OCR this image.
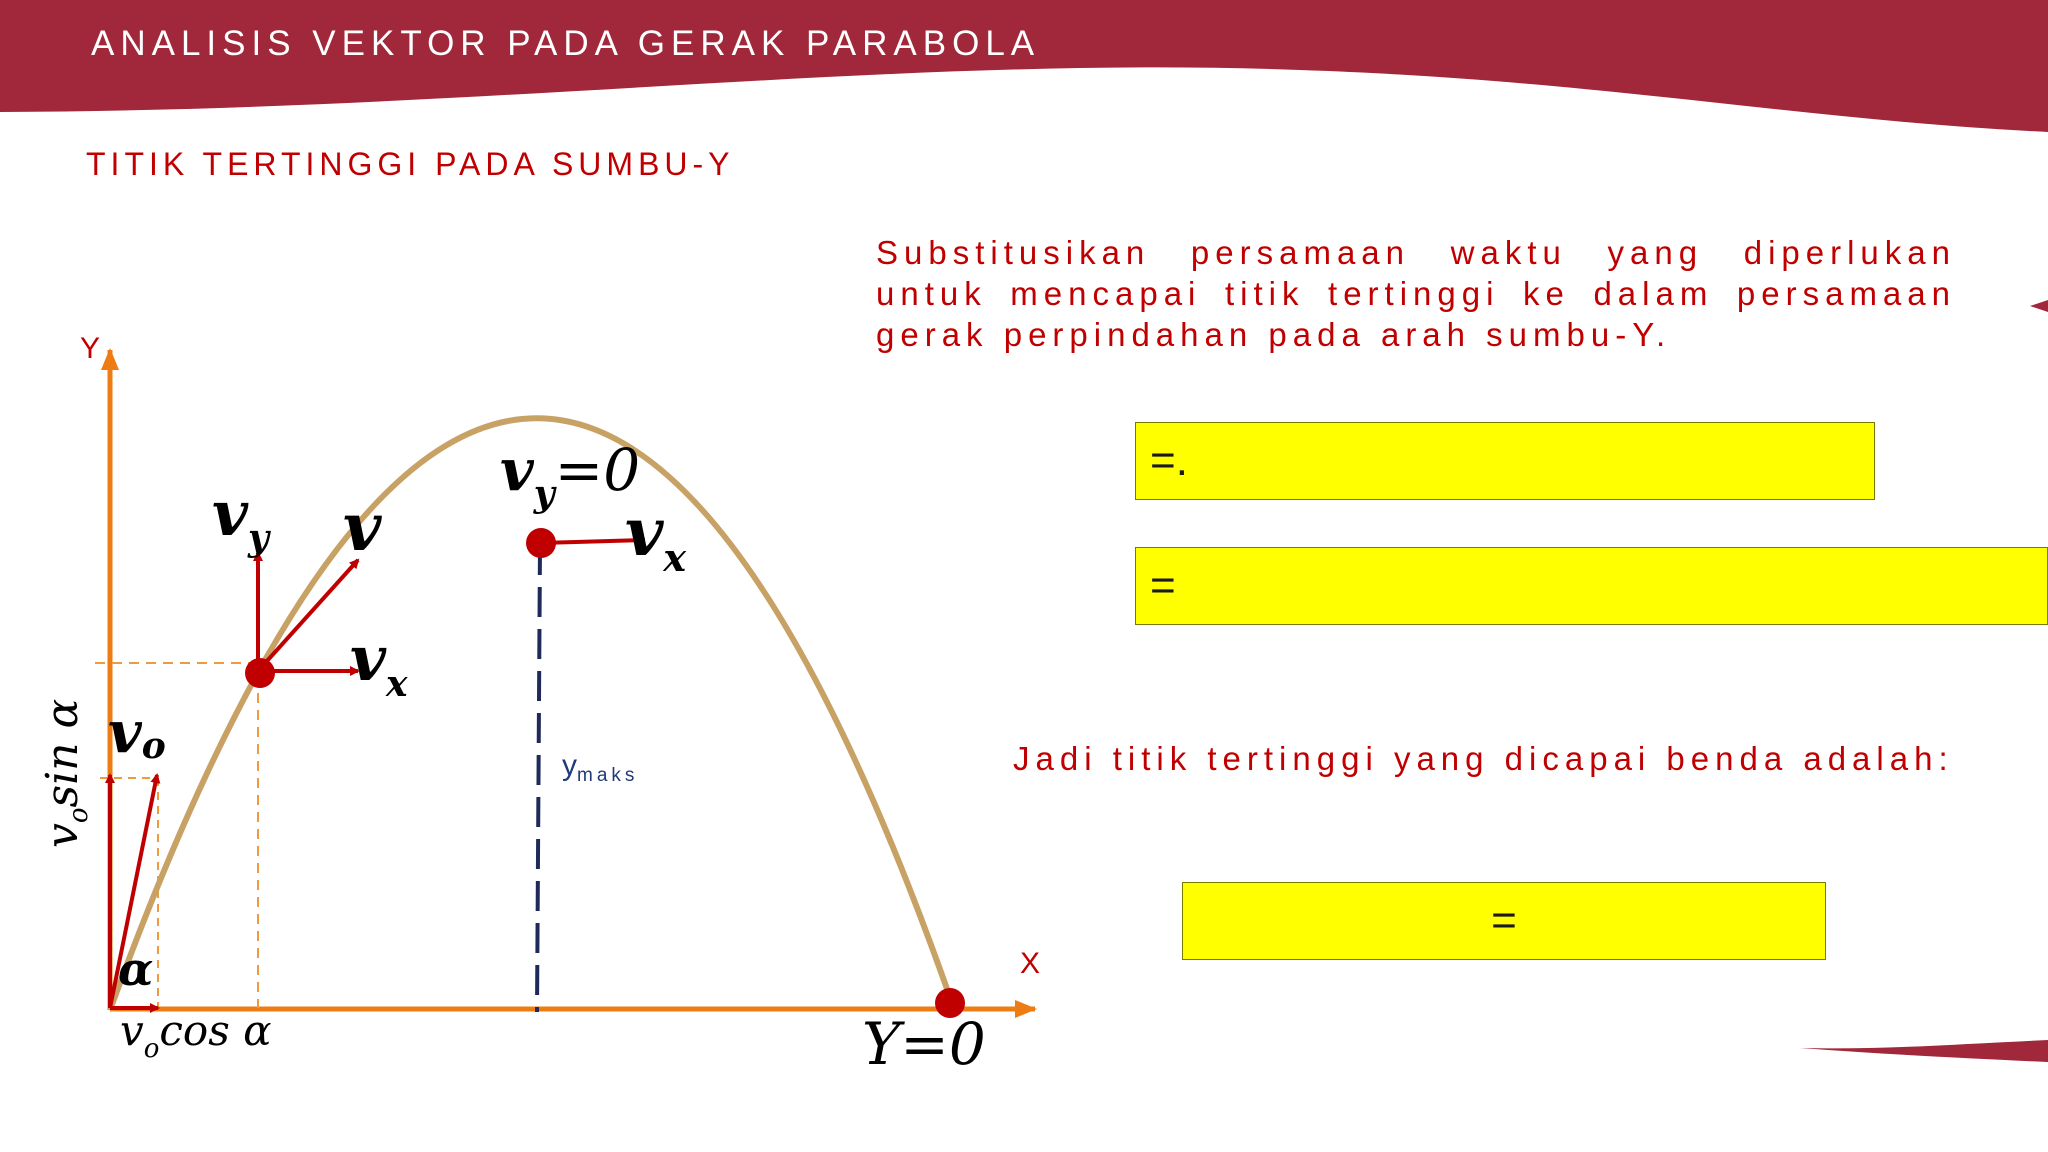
ANALISIS VEKTOR PADA GERAK PARABOLA
TITIK TERTINGGI PADA SUMBU-Y
Substitusikan persamaan waktu yang diperlukan untuk mencapai titik tertinggi ke dalam persamaan gerak perpindahan pada arah sumbu-Y.
=.
=
Jadi titik tertinggi yang dicapai benda adalah:
=
Y
X
$v_y=0$
$v_y$ v
$v_x$
$v_x$
vo
α
$v_o\sin$ α
$v_o\cos$ α
$y_{maks}$
Y=0
